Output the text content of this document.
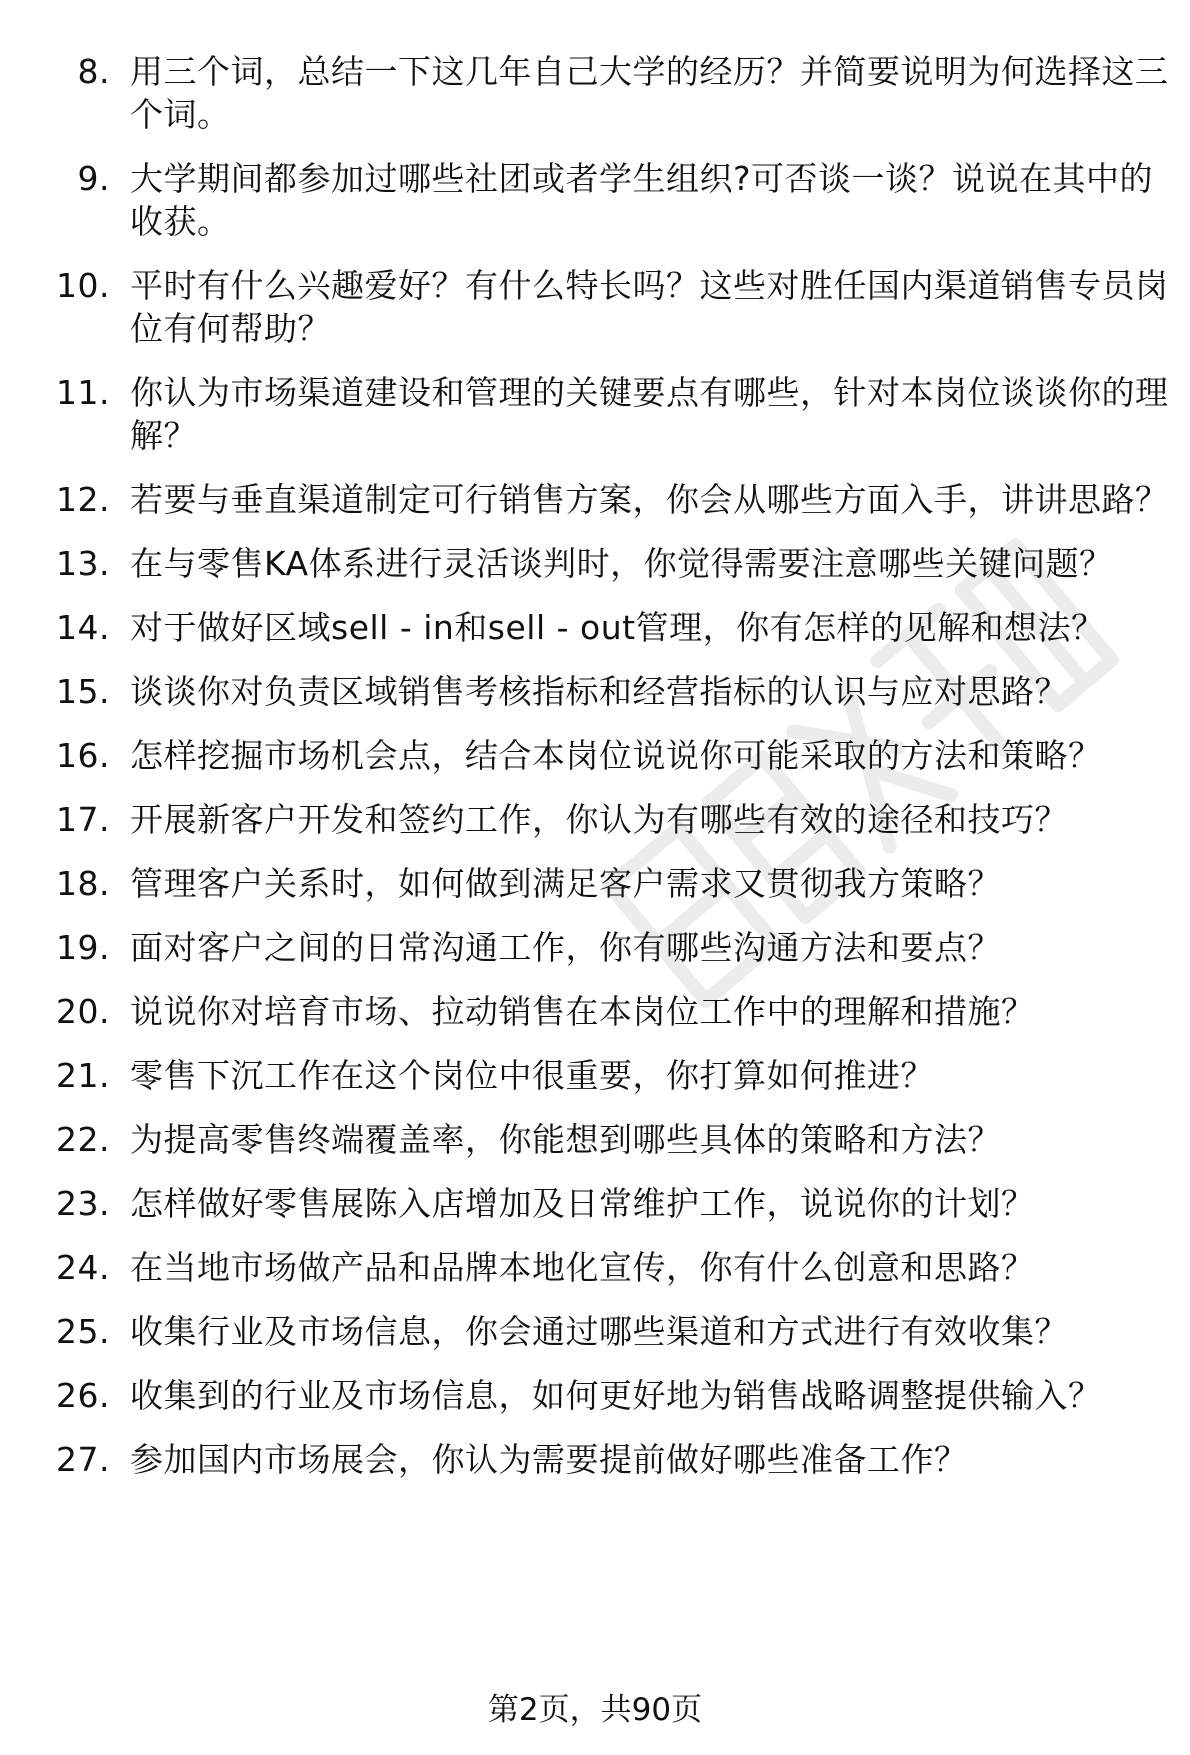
8. 用三个词，总结一下这几年自己大学的经历？并简要说明为何选择这三个词。
9. 大学期间都参加过哪些社团或者学生组织?可否谈一谈？说说在其中的收获。
10. 平时有什么兴趣爱好？有什么特长吗？这些对胜任国内渠道销售专员岗位有何帮助？
11. 你认为市场渠道建设和管理的关键要点有哪些，针对本岗位谈谈你的理解？
12. 若要与垂直渠道制定可行销售方案，你会从哪些方面入手，讲讲思路？
13. 在与零售KA体系进行灵活谈判时，你觉得需要注意哪些关键问题？
14. 对于做好区域sell - in和sell - out管理，你有怎样的见解和想法？
15. 谈谈你对负责区域销售考核指标和经营指标的认识与应对思路？
16. 怎样挖掘市场机会点，结合本岗位说说你可能采取的方法和策略？
17. 开展新客户开发和签约工作，你认为有哪些有效的途径和技巧？
18. 管理客户关系时，如何做到满足客户需求又贯彻我方策略？
19. 面对客户之间的日常沟通工作，你有哪些沟通方法和要点？
20. 说说你对培育市场、拉动销售在本岗位工作中的理解和措施？
21. 零售下沉工作在这个岗位中很重要，你打算如何推进？
22. 为提高零售终端覆盖率，你能想到哪些具体的策略和方法？
23. 怎样做好零售展陈入店增加及日常维护工作，说说你的计划？
24. 在当地市场做产品和品牌本地化宣传，你有什么创意和思路？
25. 收集行业及市场信息，你会通过哪些渠道和方式进行有效收集？
26. 收集到的行业及市场信息，如何更好地为销售战略调整提供输入？
27. 参加国内市场展会，你认为需要提前做好哪些准备工作？
第2页，共90页
